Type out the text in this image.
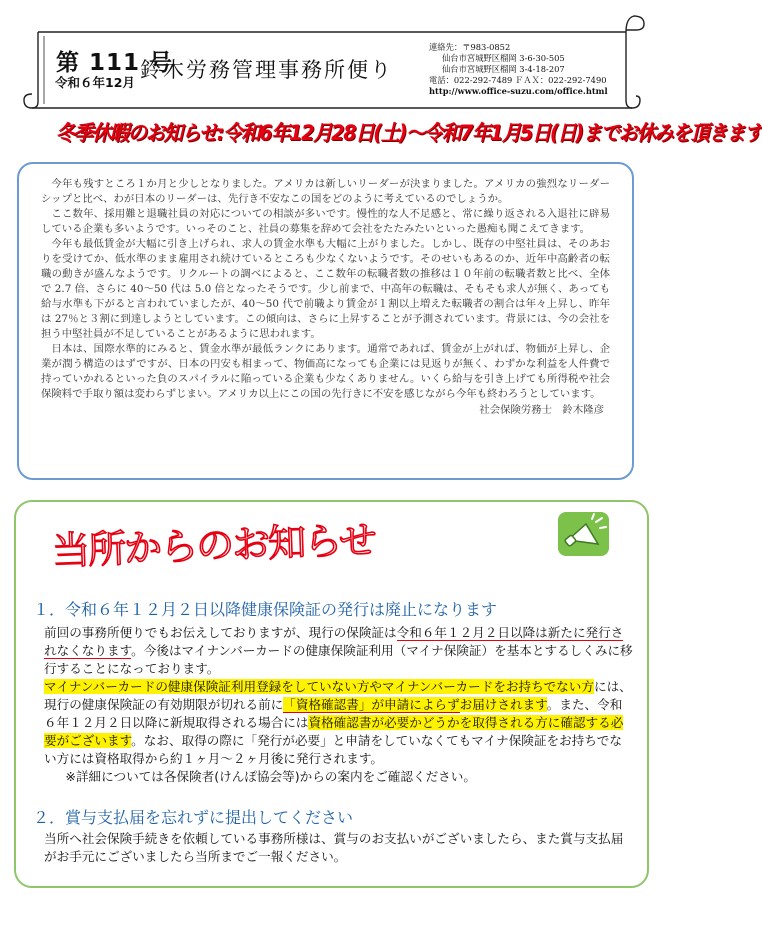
第 111 号
令和６年12月
鈴木労務管理事務所便り
連絡先：〒983-0852
仙台市宮城野区榴岡 3-6-30-505
仙台市宮城野区榴岡 3-4-18-207
電話：022-292-7489 ＦＡＸ：022-292-7490
http://www.office-suzu.com/office.html
冬季休暇のお知らせ:令和6年12月28日(土)〜令和7年1月5日(日)までお休みを頂きます

今年も残すところ１か月と少しとなりました。アメリカは新しいリーダーが決まりました。アメリカの強烈なリーダーシップと比べ、わが日本のリーダーは、先行き不安なこの国をどのように考えているのでしょうか。

ここ数年、採用難と退職社員の対応についての相談が多いです。慢性的な人不足感と、常に繰り返される入退社に辟易している企業も多いようです。いっそのこと、社員の募集を辞めて会社をたたみたいといった愚痴も聞こえてきます。

今年も最低賃金が大幅に引き上げられ、求人の賃金水準も大幅に上がりました。しかし、既存の中堅社員は、そのあおりを受けてか、低水準のまま雇用され続けているところも少なくないようです。そのせいもあるのか、近年中高齢者の転職の動きが盛んなようです。リクルートの調べによると、ここ数年の転職者数の推移は１０年前の転職者数と比べ、全体で 2.7 倍、さらに 40〜50 代は 5.0 倍となったそうです。少し前まで、中高年の転職は、そもそも求人が無く、あっても給与水準も下がると言われていましたが、40〜50 代で前職より賃金が１割以上増えた転職者の割合は年々上昇し、昨年は 27％と３割に到達しようとしています。この傾向は、さらに上昇することが予測されています。背景には、今の会社を担う中堅社員が不足していることがあるように思われます。

日本は、国際水準的にみると、賃金水準が最低ランクにあります。通常であれば、賃金が上がれば、物価が上昇し、企業が潤う構造のはずですが、日本の円安も相まって、物価高になっても企業には見返りが無く、わずかな利益を人件費で持っていかれるといった負のスパイラルに陥っている企業も少なくありません。いくら給与を引き上げても所得税や社会保険料で手取り額は変わらずじまい。アメリカ以上にこの国の先行きに不安を感じながら今年も終わろうとしています。

社会保険労務士　鈴木隆彦
当所からのお知らせ
１．令和６年１２月２日以降健康保険証の発行は廃止になります

前回の事務所便りでもお伝えしておりますが、現行の保険証は令和６年１２月２日以降は新たに発行されなくなります。今後はマイナンバーカードの健康保険証利用（マイナ保険証）を基本とするしくみに移行することになっております。

マイナンバーカードの健康保険証利用登録をしていない方やマイナンバーカードをお持ちでない方には、現行の健康保険証の有効期限が切れる前に「資格確認書」が申請によらずお届けされます。また、令和６年１２月２日以降に新規取得される場合には資格確認書が必要かどうかを取得される方に確認する必要がございます。なお、取得の際に「発行が必要」と申請をしていなくてもマイナ保険証をお持ちでない方には資格取得から約１ヶ月〜２ヶ月後に発行されます。

※詳細については各保険者(けんぽ協会等)からの案内をご確認ください。

２．賞与支払届を忘れずに提出してください
当所へ社会保険手続きを依頼している事務所様は、賞与のお支払いがございましたら、また賞与支払届がお手元にございましたら当所までご一報ください。
